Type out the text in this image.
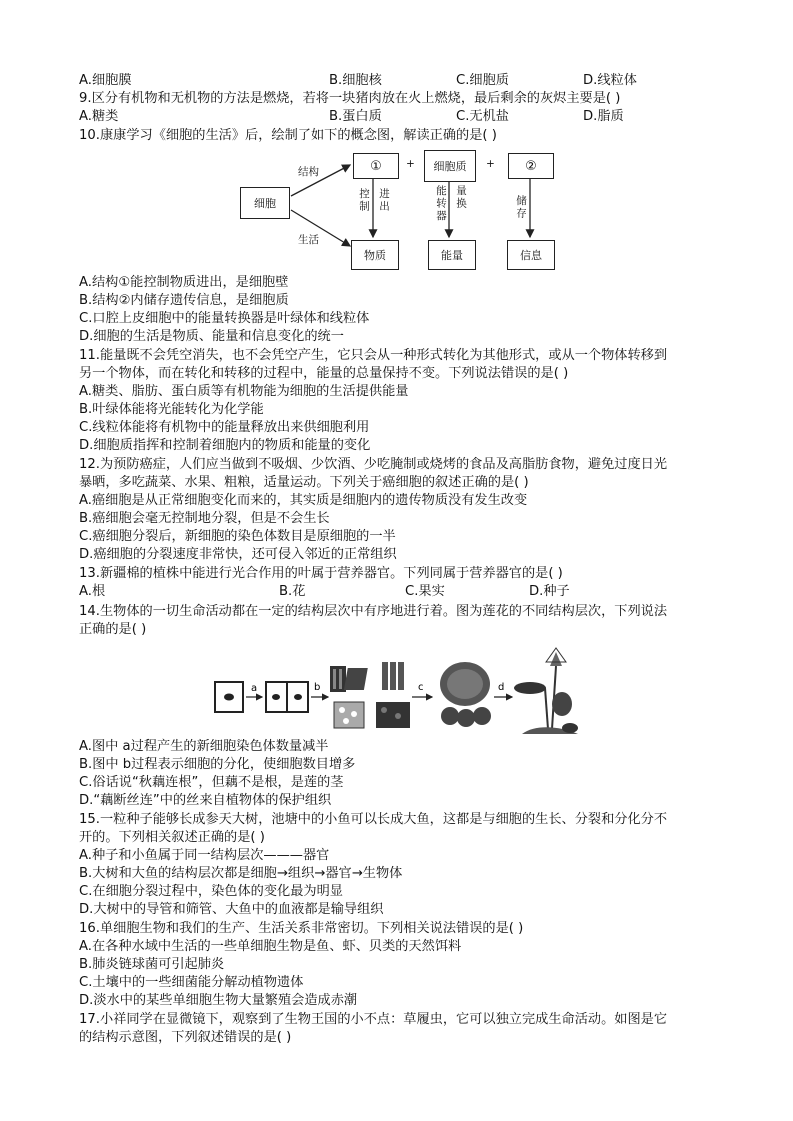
A.细胞膜	B.细胞核	C.细胞质	D.线粒体
9.区分有机物和无机物的方法是燃烧，若将一块猪肉放在火上燃烧，最后剩余的灰烬主要是( )
A.糖类	B.蛋白质	C.无机盐	D.脂质
10.康康学习《细胞的生活》后，绘制了如下的概念图，解读正确的是( )
细胞
结构
生活
①	+	细胞质	+	②
控制 进出	能转器 量换	储存
物质	能量	信息
A.结构①能控制物质进出，是细胞壁
B.结构②内储存遗传信息，是细胞质
C.口腔上皮细胞中的能量转换器是叶绿体和线粒体
D.细胞的生活是物质、能量和信息变化的统一
11.能量既不会凭空消失，也不会凭空产生，它只会从一种形式转化为其他形式，或从一个物体转移到
另一个物体，而在转化和转移的过程中，能量的总量保持不变。下列说法错误的是( )
A.糖类、脂肪、蛋白质等有机物能为细胞的生活提供能量
B.叶绿体能将光能转化为化学能
C.线粒体能将有机物中的能量释放出来供细胞利用
D.细胞质指挥和控制着细胞内的物质和能量的变化
12.为预防癌症，人们应当做到不吸烟、少饮酒、少吃腌制或烧烤的食品及高脂肪食物，避免过度日光
暴晒，多吃蔬菜、水果、粗粮，适量运动。下列关于癌细胞的叙述正确的是( )
A.癌细胞是从正常细胞变化而来的，其实质是细胞内的遗传物质没有发生改变
B.癌细胞会毫无控制地分裂，但是不会生长
C.癌细胞分裂后，新细胞的染色体数目是原细胞的一半
D.癌细胞的分裂速度非常快，还可侵入邻近的正常组织
13.新疆棉的植株中能进行光合作用的叶属于营养器官。下列同属于营养器官的是( )
A.根	B.花	C.果实	D.种子
14.生物体的一切生命活动都在一定的结构层次中有序地进行着。图为莲花的不同结构层次，下列说法
正确的是( )
a	b	c	d
A.图中 a过程产生的新细胞染色体数量减半
B.图中 b过程表示细胞的分化，使细胞数目增多
C.俗话说“秋藕连根”，但藕不是根，是莲的茎
D.“藕断丝连”中的丝来自植物体的保护组织
15.一粒种子能够长成参天大树，池塘中的小鱼可以长成大鱼，这都是与细胞的生长、分裂和分化分不
开的。下列相关叙述正确的是( )
A.种子和小鱼属于同一结构层次———器官
B.大树和大鱼的结构层次都是细胞→组织→器官→生物体
C.在细胞分裂过程中，染色体的变化最为明显
D.大树中的导管和筛管、大鱼中的血液都是输导组织
16.单细胞生物和我们的生产、生活关系非常密切。下列相关说法错误的是( )
A.在各种水域中生活的一些单细胞生物是鱼、虾、贝类的天然饵料
B.肺炎链球菌可引起肺炎
C.土壤中的一些细菌能分解动植物遗体
D.淡水中的某些单细胞生物大量繁殖会造成赤潮
17.小祥同学在显微镜下，观察到了生物王国的小不点：草履虫，它可以独立完成生命活动。如图是它
的结构示意图，下列叙述错误的是( )
